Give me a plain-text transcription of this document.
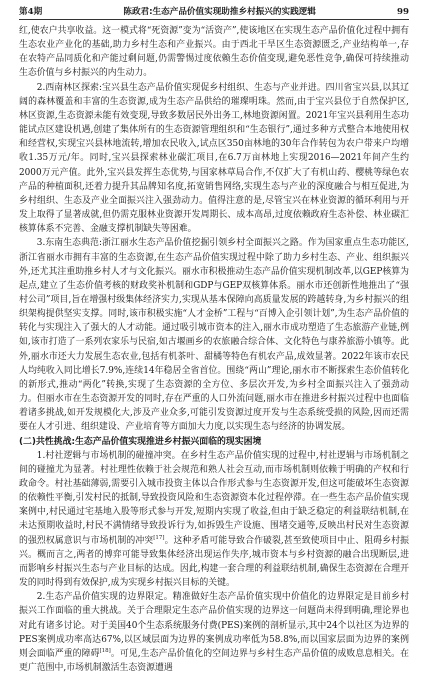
第4期	陈政君:生态产品价值实现助推乡村振兴的实践逻辑	99

红,使农户共享收益。这一模式将“死资源”变为“活资产”,使该地区在实现生态产品价值化过程中拥有生态农业产业化的基础,助力乡村生态和产业振兴。由于西北干旱区生态资源匮乏,产业结构单一,存在农特产品同质化和产能过剩问题,仍需警惕过度依赖生态价值变现,避免恶性竞争,确保可持续推动生态价值与乡村振兴的内生动力。

2.西南林区探索:宝兴县生态产品价值实现促乡村组织、生态与产业并进。四川省宝兴县,以其辽阔的森林覆盖和丰富的生态资源,成为生态产品供给的璀璨明珠。然而,由于宝兴县位于自然保护区,林区资源,生态资源未能有效变现,导致多数居民外出务工,林地资源闲置。2021年宝兴县利用生态功能试点区建设机遇,创建了集体所有的生态资源管理组织和“生态银行”,通过多种方式整合本地使用权和经营权,实现宝兴县林地流转,增加农民收入,试点区350亩林地的30年合作转包为农户带来户均增收1.35万元/年。同时,宝兴县探索林业碳汇项目,在6.7万亩林地上实现2016—2021年间产生约2000万元产值。此外,宝兴县发挥生态优势,与国家林草局合作,不仅扩大了有机山药、樱桃等绿色农产品的种植面积,还着力提升其品牌知名度,拓宽销售网络,实现生态与产业的深度融合与相互促进,为乡村组织、生态及产业全面振兴注入强劲动力。值得注意的是,尽管宝兴在林业资源的循环利用与开发上取得了显著成就,但仍需克服林业资源开发周期长、成本高昂,过度依赖政府生态补偿、林业碳汇核算体系不完善、金融支撑机制缺失等困难。

3.东南生态典范:浙江丽水生态产品价值挖掘引领乡村全面振兴之路。作为国家重点生态功能区,浙江省丽水市拥有丰富的生态资源,在生态产品价值实现过程中除了助力乡村生态、产业、组织振兴外,还尤其注重助推乡村人才与文化振兴。丽水市积极推动生态产品价值实现机制改革,以GEP核算为起点,建立了生态价值考核的财政奖补机制和GDP与GEP双核算体系。丽水市还创新性地推出了“强村公司”项目,旨在增强村级集体经济实力,实现从基本保障向高质量发展的跨越转身,为乡村振兴的组织架构提供坚实支撑。同时,该市积极实施“人才金桥”工程与“百博入企引领计划”,为生态产品价值的转化与实现注入了强大的人才动能。通过吸引城市资本的注入,丽水市成功塑造了生态旅游产业链,例如,该市打造了一系列农家乐与民宿,如古堰画乡的农旅融合综合体、文化特色与康养旅游小镇等。此外,丽水市还大力发展生态农业,包括有机茶叶、甜橘等特色有机农产品,成效显著。2022年该市农民人均纯收入同比增长7.9%,连续14年稳居全省首位。围绕“两山”理论,丽水市不断探索生态价值转化的新形式,推动“两化”转换,实现了生态资源的全方位、多层次开发,为乡村全面振兴注入了强劲动力。但丽水市在生态资源开发的同时,存在严重的人口外流问题,丽水市在推进乡村振兴过程中也面临着诸多挑战,如开发规模化大,涉及产业众多,可能引发资源过度开发与生态系统受损的风险,因而还需要在人才引进、组织建设、产业培育等方面加大力度,以实现生态与经济的协调发展。

(二)共性挑战:生态产品价值实现推进乡村振兴面临的现实困境

1.村社逻辑与市场机制的碰撞冲突。在乡村生态产品价值实现的过程中,村社逻辑与市场机制之间的碰撞尤为显著。村社理性依赖于社会规范和熟人社会互动,而市场机制则依赖于明确的产权和行政命令。村社基础薄弱,需要引入城市投资主体以合作形式参与生态资源开发,但这可能破坏生态资源的依赖性平衡,引发村民的抵制,导致投资风险和生态资源资本化过程停滞。在一些生态产品价值实现案例中,村民通过宅基地入股等形式参与开发,短期内实现了收益,但由于缺乏稳定的利益联结机制,在未达预期收益时,村民不满情绪导致投诉行为,如拆毁生产设施、围堵交通等,反映出村民对生态资源的强烈权属意识与市场机制的冲突[17]。这种矛盾可能导致合作破裂,甚至致使项目中止、阻碍乡村振兴。概而言之,两者的博弈可能导致集体经济出现运作失序,城市资本与乡村资源的融合出现断层,进而影响乡村振兴生态与产业目标的达成。因此,构建一套合理的利益联结机制,确保生态资源在合理开发的同时得到有效保护,成为实现乡村振兴目标的关键。

2.生态产品价值实现的边界限定。精准做好生态产品价值实现中价值化的边界限定是目前乡村振兴工作面临的重大挑战。关于合理限定生态产品价值实现的边界这一问题尚未得到明确,理论界也对此有诸多讨论。对于美国40个生态系统服务付费(PES)案例的剖析显示,其中24个以社区为边界的PES案例成功率高达67%,以区域层面为边界的案例成功率低为58.8%,而以国家层面为边界的案例则会面临严重的障碍[18]。可见,生态产品价值化的空间边界与乡村生态产品价值的成败息息相关。在更广范围中,市场机制激活生态资源遭遇
